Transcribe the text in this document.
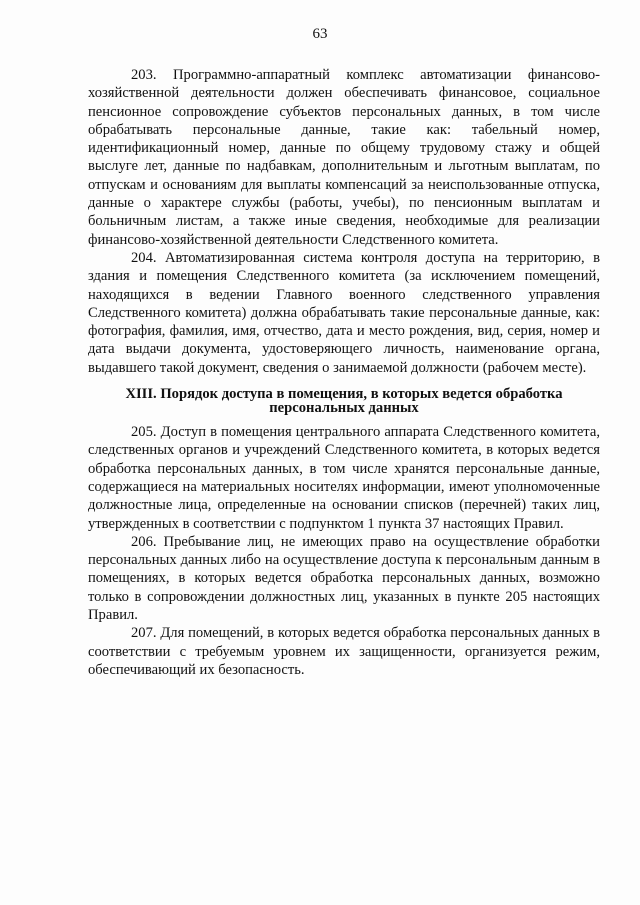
63

203. Программно-аппаратный комплекс автоматизации финансово-хозяйственной деятельности должен обеспечивать финансовое, социальное пенсионное сопровождение субъектов персональных данных, в том числе обрабатывать персональные данные, такие как: табельный номер, идентификационный номер, данные по общему трудовому стажу и общей выслуге лет, данные по надбавкам, дополнительным и льготным выплатам, по отпускам и основаниям для выплаты компенсаций за неиспользованные отпуска, данные о характере службы (работы, учебы), по пенсионным выплатам и больничным листам, а также иные сведения, необходимые для реализации финансово-хозяйственной деятельности Следственного комитета.

204. Автоматизированная система контроля доступа на территорию, в здания и помещения Следственного комитета (за исключением помещений, находящихся в ведении Главного военного следственного управления Следственного комитета) должна обрабатывать такие персональные данные, как: фотография, фамилия, имя, отчество, дата и место рождения, вид, серия, номер и дата выдачи документа, удостоверяющего личность, наименование органа, выдавшего такой документ, сведения о занимаемой должности (рабочем месте).

XIII. Порядок доступа в помещения, в которых ведется обработка
персональных данных

205. Доступ в помещения центрального аппарата Следственного комитета, следственных органов и учреждений Следственного комитета, в которых ведется обработка персональных данных, в том числе хранятся персональные данные, содержащиеся на материальных носителях информации, имеют уполномоченные должностные лица, определенные на основании списков (перечней) таких лиц, утвержденных в соответствии с подпунктом 1 пункта 37 настоящих Правил.

206. Пребывание лиц, не имеющих право на осуществление обработки персональных данных либо на осуществление доступа к персональным данным в помещениях, в которых ведется обработка персональных данных, возможно только в сопровождении должностных лиц, указанных в пункте 205 настоящих Правил.

207. Для помещений, в которых ведется обработка персональных данных в соответствии с требуемым уровнем их защищенности, организуется режим, обеспечивающий их безопасность.
